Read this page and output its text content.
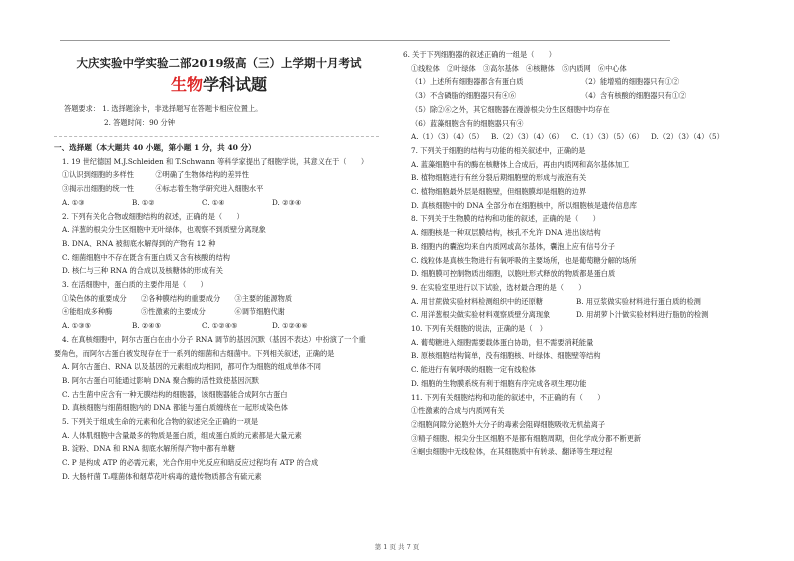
大庆实验中学实验二部2019级高（三）上学期十月考试
生物学科试题
答题要求： 1. 选择题涂卡，非选择题写在答题卡相应位置上。
2. 答题时间：90 分钟
一、选择题（本大题共 40 小题，第小题 1 分，共 40 分）
1. 19 世纪德国 M.J.Schleiden 和 T.Schwann 等科学家提出了细胞学说，其意义在于（　　）
①认识到细胞的多样性　　　②明确了生物体结构的差异性
③揭示出细胞的统一性　　　④标志着生物学研究进入细胞水平
A. ①③	B. ①②	C. ①④	D. ②③④
2. 下列有关化合物或细胞结构的叙述，正确的是（　　）
A. 洋葱的根尖分生区细胞中无叶绿体，也观察不到质壁分离现象
B. DNA、RNA 被彻底水解得到的产物有 12 种
C. 细菌细胞中不存在既含有蛋白质又含有核酸的结构
D. 核仁与三种 RNA 的合成以及核糖体的形成有关
3. 在活细胞中，蛋白质的主要作用是（　　）
①染色体的重要成分　　②各种膜结构的重要成分　　③主要的能源物质
④能组成多种酶　　　　⑤性激素的主要成分　　　　⑥调节细胞代谢
A. ①③⑤	B. ②④⑤	C. ①②④⑤	D. ①②④⑥
4. 在真核细胞中，阿尔古蛋白在由小分子 RNA 调节的基因沉默（基因不表达）中扮演了一个重
要角色，而阿尔古蛋白被发现存在于一系列的细菌和古细菌中。下列相关叙述，正确的是
A. 阿尔古蛋白、RNA 以及基因的元素组成均相同，都可作为细胞的组成单体不同
B. 阿尔古蛋白可能通过影响 DNA 聚合酶的活性致使基因沉默
C. 古生菌中应含有一种无膜结构的细胞器，该细胞器能合成阿尔古蛋白
D. 真核细胞与细菌细胞内的 DNA 都能与蛋白质缠绕在一起形成染色体
5. 下列关于组成生命的元素和化合物的叙述完全正确的一项是
A. 人体肌细胞中含量最多的物质是蛋白质，组成蛋白质的元素都是大量元素
B. 淀粉、DNA 和 RNA 彻底水解所得产物中都有单糖
C. P 是构成 ATP 的必需元素，光合作用中光反应和暗反应过程均有 ATP 的合成
D. 大肠杆菌 T₂噬菌体和烟草花叶病毒的遗传物质都含有硫元素
6. 关于下列细胞器的叙述正确的一组是（　　）
①线粒体　②叶绿体　③高尔基体　④核糖体　⑤内质网　⑥中心体
（1）上述所有细胞器都含有蛋白质	（2）能增殖的细胞器只有①②
（3）不含磷脂的细胞器只有④⑥	（4）含有核酸的细胞器只有①②
（5）除②⑥之外，其它细胞器在漫游根尖分生区细胞中均存在
（6）蓝藻细胞含有的细胞器只有④
A.（1）（3）（4）（5）	B.（2）（3）（4）（6）	C.（1）（3）（5）（6）	D.（2）（3）（4）（5）
7. 下列关于细胞的结构与功能的相关叙述中，正确的是
A. 蓝藻细胞中有的酶在核糖体上合成后，再由内质网和高尔基体加工
B. 植物细胞进行有丝分裂后期细胞壁的形成与液泡有关
C. 植物细胞最外层是细胞壁，但细胞膜却是细胞的边界
D. 真核细胞中的 DNA 全部分布在细胞核中，所以细胞核是遗传信息库
8. 下列关于生物膜的结构和功能的叙述，正确的是（　　）
A. 细胞核是一种双层膜结构，核孔不允许 DNA 进出该结构
B. 细胞内的囊泡均来自内质网或高尔基体，囊泡上应有信号分子
C. 线粒体是真核生物进行有氧呼吸的主要场所，也是葡萄糖分解的场所
D. 细胞膜可控制物质出细胞，以胞吐形式释放的物质都是蛋白质
9. 在实验室里进行以下试验，选材最合理的是（　　）
A. 用甘蔗做实验材料检测组织中的还原糖	B. 用豆浆做实验材料进行蛋白质的检测
C. 用洋葱根尖做实验材料观察质壁分离现象	D. 用胡萝卜汁做实验材料进行脂肪的检测
10. 下列有关细胞的说法，正确的是（　）
A. 葡萄糖进入细胞需要载体蛋白协助，但不需要消耗能量
B. 原核细胞结构简单，没有细胞核、叶绿体、细胞壁等结构
C. 能进行有氧呼吸的细胞一定有线粒体
D. 细胞的生物膜系统有利于细胞有序完成各项生理功能
11. 下列有关细胞结构和功能的叙述中，不正确的有（　　）
①性激素的合成与内质网有关
②细胞间隙分泌胞外大分子的毒素会阻碍细胞吸收无机盐离子
③精子细胞、根尖分生区细胞不是都有细胞周期，但化学成分都不断更新
④蛔虫细胞中无线粒体，在其细胞质中有转录、翻译等生理过程
第 1 页 共 7 页
